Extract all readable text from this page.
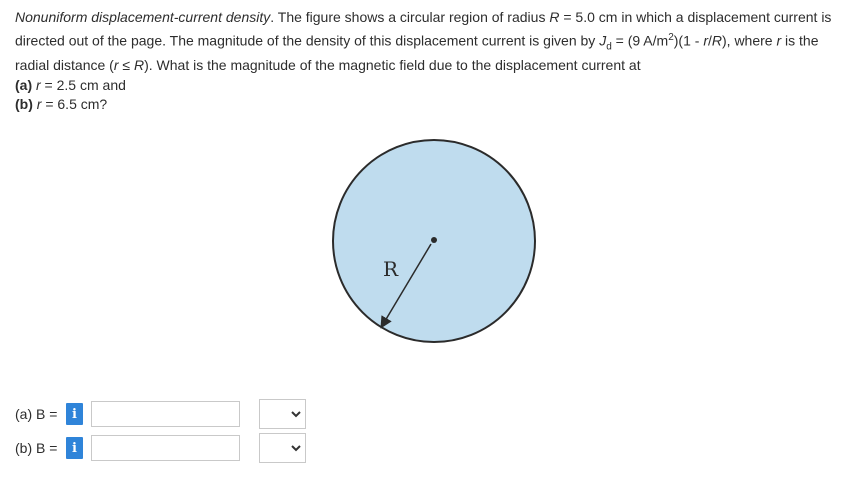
Nonuniform displacement-current density. The figure shows a circular region of radius R = 5.0 cm in which a displacement current is
directed out of the page. The magnitude of the density of this displacement current is given by $J_d = (9$ $A/m^2)(1 - r/R)$, where r is the
radial distance (r ≤ R). What is the magnitude of the magnetic field due to the displacement current at
(a) r = 2.5 cm and
(b) r = 6.5 cm?

R
(a) B =	i
(b) B =	i
